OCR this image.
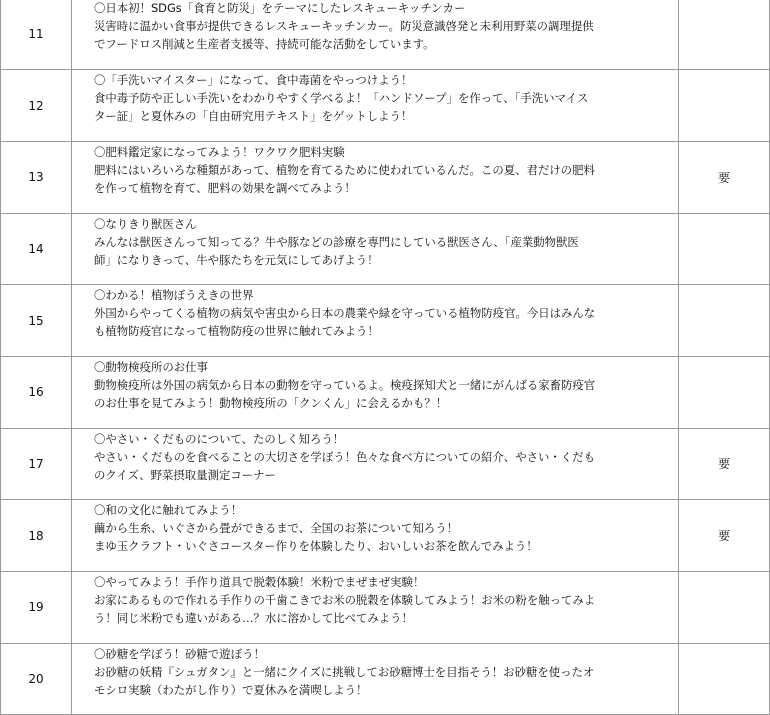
11	〇日本初！SDGs「食育と防災」をテーマにしたレスキューキッチンカー
災害時に温かい食事が提供できるレスキューキッチンカー。防災意識啓発と未利用野菜の調理提供
でフードロス削減と生産者支援等、持続可能な活動をしています。	

12	〇「手洗いマイスター」になって、食中毒菌をやっつけよう！
食中毒予防や正しい手洗いをわかりやすく学べるよ！「ハンドソープ」を作って、「手洗いマイス
ター証」と夏休みの「自由研究用テキスト」をゲットしよう！	

13	〇肥料鑑定家になってみよう！ワクワク肥料実験
肥料にはいろいろな種類があって、植物を育てるために使われているんだ。この夏、君だけの肥料
を作って植物を育て、肥料の効果を調べてみよう！	要
14	〇なりきり獣医さん
みんなは獣医さんって知ってる？牛や豚などの診療を専門にしている獣医さん、「産業動物獣医
師」になりきって、牛や豚たちを元気にしてあげよう！	

15	〇わかる！植物ぼうえきの世界
外国からやってくる植物の病気や害虫から日本の農業や緑を守っている植物防疫官。今日はみんな
も植物防疫官になって植物防疫の世界に触れてみよう！	

16	〇動物検疫所のお仕事
動物検疫所は外国の病気から日本の動物を守っているよ。検疫探知犬と一緒にがんばる家畜防疫官
のお仕事を見てみよう！動物検疫所の「クンくん」に会えるかも？！	

17	〇やさい・くだものについて、たのしく知ろう！
やさい・くだものを食べることの大切さを学ぼう！色々な食べ方についての紹介、やさい・くだも
のクイズ、野菜摂取量測定コーナー	要
18	〇和の文化に触れてみよう！
繭から生糸、いぐさから畳ができるまで、全国のお茶について知ろう！
まゆ玉クラフト・いぐさコースター作りを体験したり、おいしいお茶を飲んでみよう！	要
19	〇やってみよう！手作り道具で脱穀体験！米粉でまぜまぜ実験！
お家にあるもので作れる手作りの千歯こきでお米の脱穀を体験してみよう！お米の粉を触ってみよ
う！同じ米粉でも違いがある…？水に溶かして比べてみよう！	

20	〇砂糖を学ぼう！砂糖で遊ぼう！
お砂糖の妖精『シュガタン』と一緒にクイズに挑戦してお砂糖博士を目指そう！お砂糖を使ったオ
モシロ実験（わたがし作り）で夏休みを満喫しよう！	
